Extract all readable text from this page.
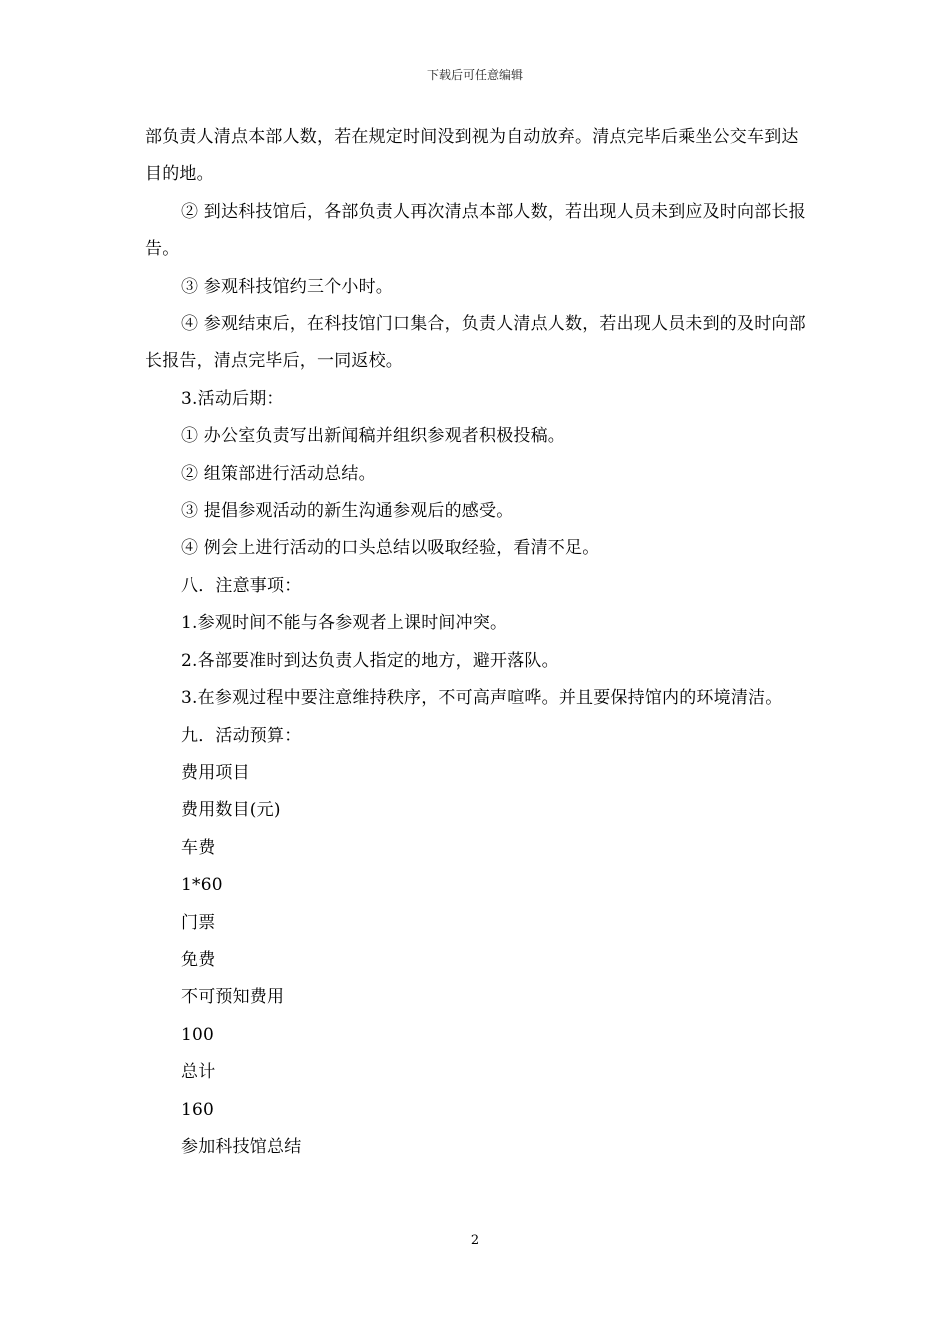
下载后可任意编辑

部负责人清点本部人数，若在规定时间没到视为自动放弃。清点完毕后乘坐公交车到达目的地。

② 到达科技馆后，各部负责人再次清点本部人数，若出现人员未到应及时向部长报告。

③ 参观科技馆约三个小时。

④ 参观结束后，在科技馆门口集合，负责人清点人数，若出现人员未到的及时向部长报告，清点完毕后，一同返校。

3.活动后期：

① 办公室负责写出新闻稿并组织参观者积极投稿。

② 组策部进行活动总结。

③ 提倡参观活动的新生沟通参观后的感受。

④ 例会上进行活动的口头总结以吸取经验，看清不足。

八．注意事项：

1.参观时间不能与各参观者上课时间冲突。

2.各部要准时到达负责人指定的地方，避开落队。

3.在参观过程中要注意维持秩序，不可高声喧哗。并且要保持馆内的环境清洁。

九．活动预算：

费用项目

费用数目(元)

车费

1*60

门票

免费

不可预知费用

100

总计

160

参加科技馆总结

2
